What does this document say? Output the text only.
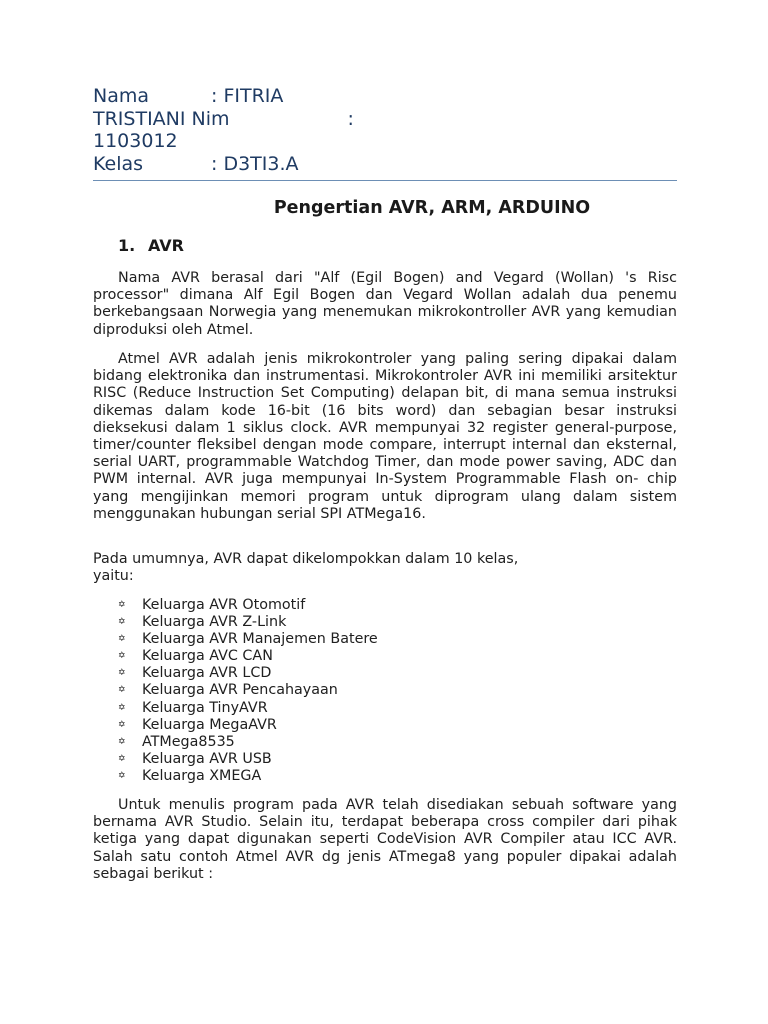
Nama	: FITRIA
TRISTIANI Nim	:
1103012
Kelas	: D3TI3.A
Pengertian AVR, ARM, ARDUINO
1. AVR

Nama AVR berasal dari "Alf (Egil Bogen) and Vegard (Wollan) 's Risc processor" dimana Alf Egil Bogen dan Vegard Wollan adalah dua penemu berkebangsaan Norwegia yang menemukan mikrokontroller AVR yang kemudian diproduksi oleh Atmel.

Atmel AVR adalah jenis mikrokontroler yang paling sering dipakai dalam bidang elektronika dan instrumentasi. Mikrokontroler AVR ini memiliki arsitektur RISC (Reduce Instruction Set Computing) delapan bit, di mana semua instruksi dikemas dalam kode 16-bit (16 bits word) dan sebagian besar instruksi dieksekusi dalam 1 siklus clock. AVR mempunyai 32 register general-purpose, timer/counter fleksibel dengan mode compare, interrupt internal dan eksternal, serial UART, programmable Watchdog Timer, dan mode power saving, ADC dan PWM internal. AVR juga mempunyai In-System Programmable Flash on- chip yang mengijinkan memori program untuk diprogram ulang dalam sistem menggunakan hubungan serial SPI ATMega16.

Pada umumnya, AVR dapat dikelompokkan dalam 10 kelas, yaitu:

✡	Keluarga AVR Otomotif
✡	Keluarga AVR Z-Link
✡	Keluarga AVR Manajemen Batere
✡	Keluarga AVC CAN
✡	Keluarga AVR LCD
✡	Keluarga AVR Pencahayaan
✡	Keluarga TinyAVR
✡	Keluarga MegaAVR
✡	ATMega8535
✡	Keluarga AVR USB
✡	Keluarga XMEGA

Untuk menulis program pada AVR telah disediakan sebuah software yang bernama AVR Studio. Selain itu, terdapat beberapa cross compiler dari pihak ketiga yang dapat digunakan seperti CodeVision AVR Compiler atau ICC AVR. Salah satu contoh Atmel AVR dg jenis ATmega8 yang populer dipakai adalah sebagai berikut :
